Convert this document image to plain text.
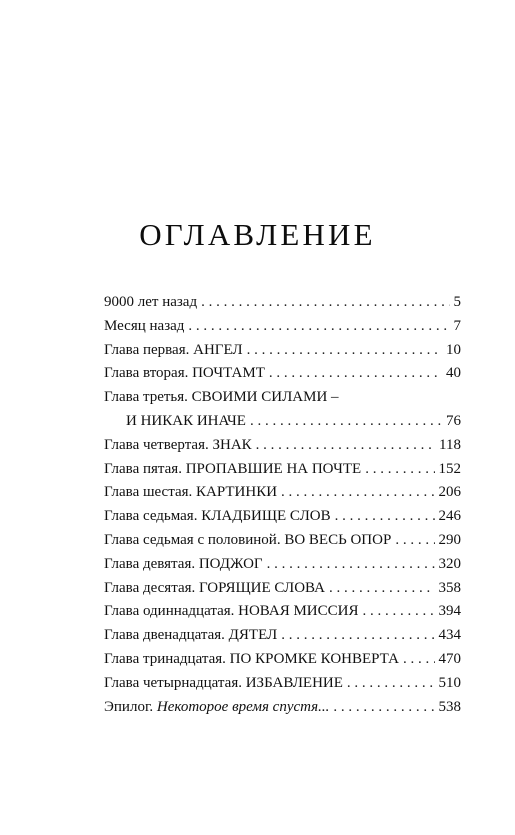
ОГЛАВЛЕНИЕ
9000 лет назад . . .	5
Месяц назад . . .	7
Глава первая. АНГЕЛ . . .	10
Глава вторая. ПОЧТАМТ . . .	40
Глава третья. СВОИМИ СИЛАМИ –
И НИКАК ИНАЧЕ . . .	76
Глава четвертая. ЗНАК . . .	118
Глава пятая. ПРОПАВШИЕ НА ПОЧТЕ . . .	152
Глава шестая. КАРТИНКИ . . .	206
Глава седьмая. КЛАДБИЩЕ СЛОВ . . .	246
Глава седьмая с половиной. ВО ВЕСЬ ОПОР . . .	290
Глава девятая. ПОДЖОГ . . .	320
Глава десятая. ГОРЯЩИЕ СЛОВА . . .	358
Глава одиннадцатая. НОВАЯ МИССИЯ . . .	394
Глава двенадцатая. ДЯТЕЛ . . .	434
Глава тринадцатая. ПО КРОМКЕ КОНВЕРТА . . .	470
Глава четырнадцатая. ИЗБАВЛЕНИЕ . . .	510
Эпилог. Некоторое время спустя... . . .	538
